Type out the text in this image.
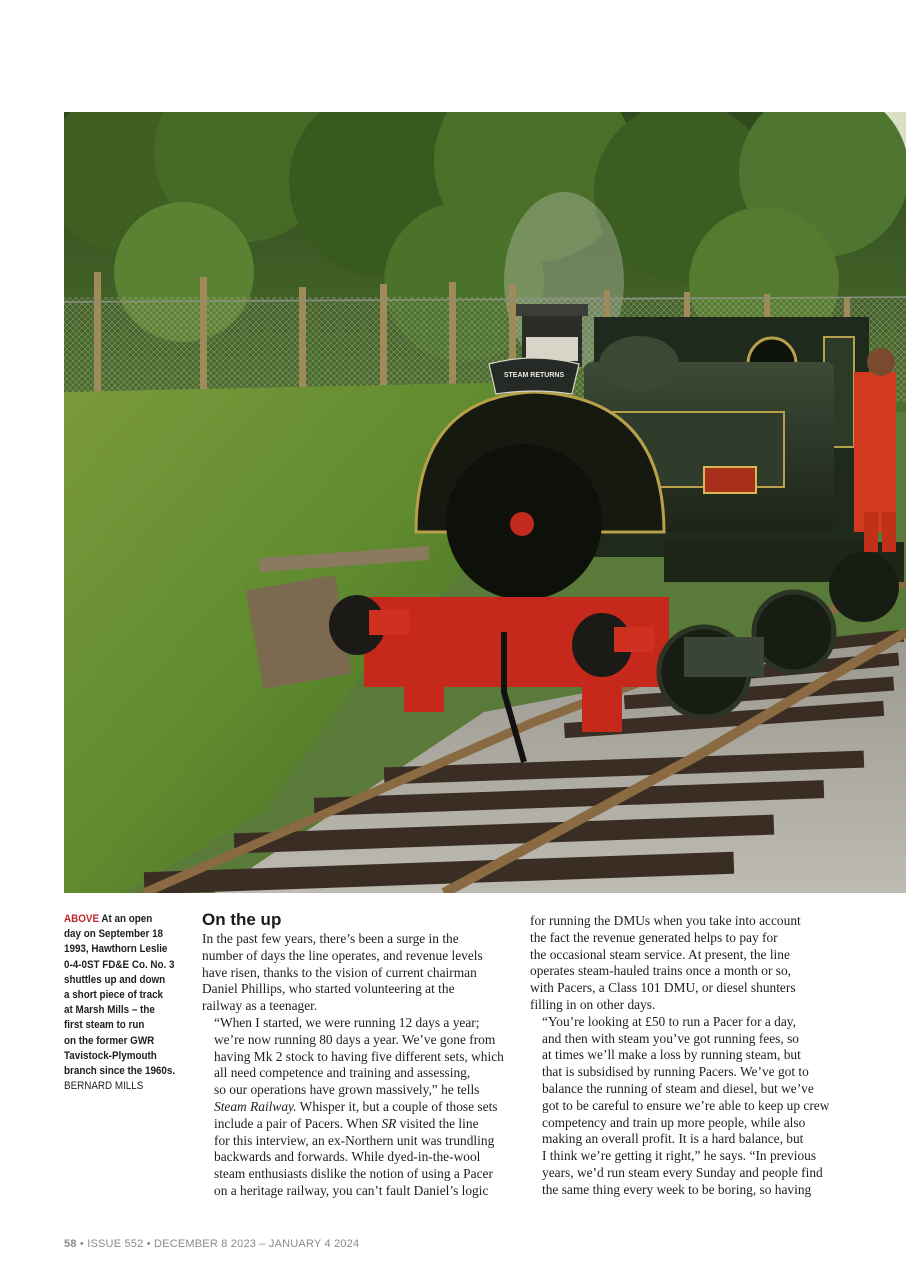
STEAM RETURNS
ABOVE At an open
day on September 18
1993, Hawthorn Leslie
0-4-0ST FD&E Co. No. 3
shuttles up and down
a short piece of track
at Marsh Mills – the
first steam to run
on the former GWR
Tavistock-Plymouth
branch since the 1960s.
BERNARD MILLS
On the up

In the past few years, there’s been a surge in the
number of days the line operates, and revenue levels
have risen, thanks to the vision of current chairman
Daniel Phillips, who started volunteering at the
railway as a teenager.

“When I started, we were running 12 days a year;
we’re now running 80 days a year. We’ve gone from
having Mk 2 stock to having five different sets, which
all need competence and training and assessing,
so our operations have grown massively,” he tells
Steam Railway. Whisper it, but a couple of those sets
include a pair of Pacers. When SR visited the line
for this interview, an ex-Northern unit was trundling
backwards and forwards. While dyed-in-the-wool
steam enthusiasts dislike the notion of using a Pacer
on a heritage railway, you can’t fault Daniel’s logic

for running the DMUs when you take into account
the fact the revenue generated helps to pay for
the occasional steam service. At present, the line
operates steam-hauled trains once a month or so,
with Pacers, a Class 101 DMU, or diesel shunters
filling in on other days.

“You’re looking at £50 to run a Pacer for a day,
and then with steam you’ve got running fees, so
at times we’ll make a loss by running steam, but
that is subsidised by running Pacers. We’ve got to
balance the running of steam and diesel, but we’ve
got to be careful to ensure we’re able to keep up crew
competency and train up more people, while also
making an overall profit. It is a hard balance, but
I think we’re getting it right,” he says. “In previous
years, we’d run steam every Sunday and people find
the same thing every week to be boring, so having

58 • ISSUE 552 • DECEMBER 8 2023 – JANUARY 4 2024
